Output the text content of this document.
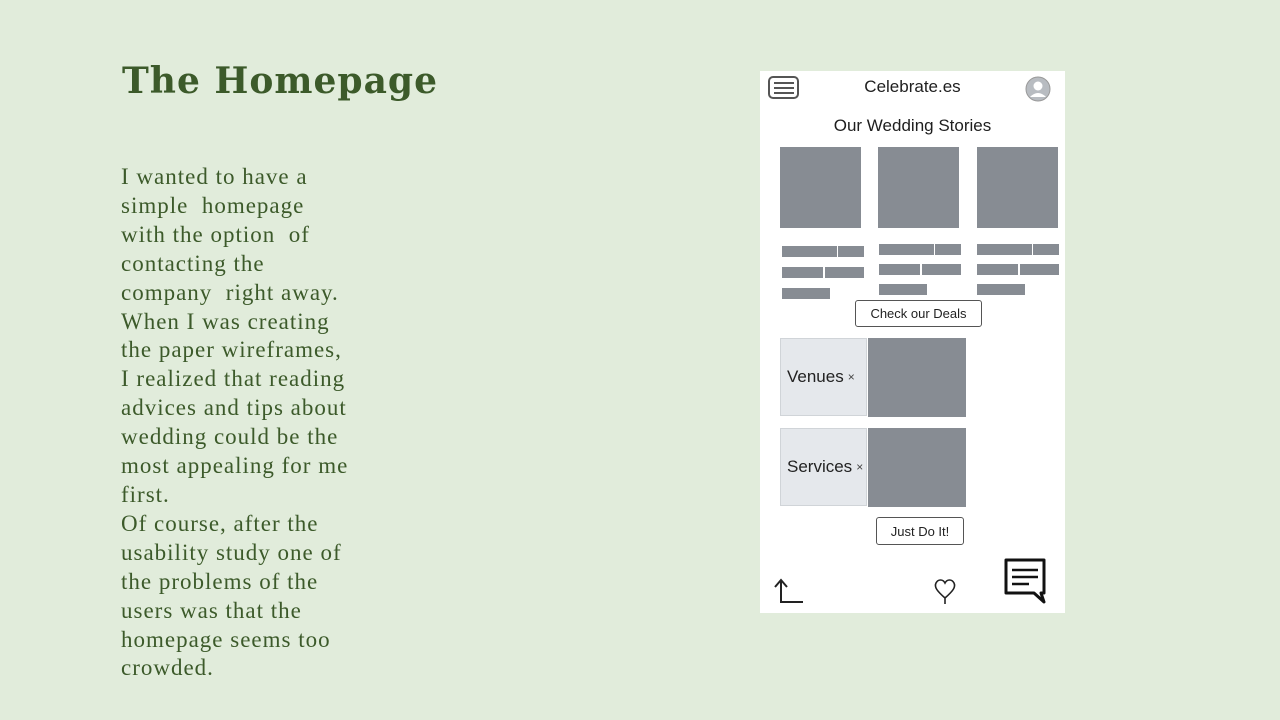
The Homepage
I wanted to have a
simple  homepage
with the option  of
contacting the
company  right away.
When I was creating
the paper wireframes,
I realized that reading
advices and tips about
wedding could be the
most appealing for me
first.
Of course, after the
usability study one of
the problems of the
users was that the
homepage seems too
crowded.
Celebrate.es
Our Wedding Stories
Check our Deals
Venues ×
Services ×
Just Do It!
